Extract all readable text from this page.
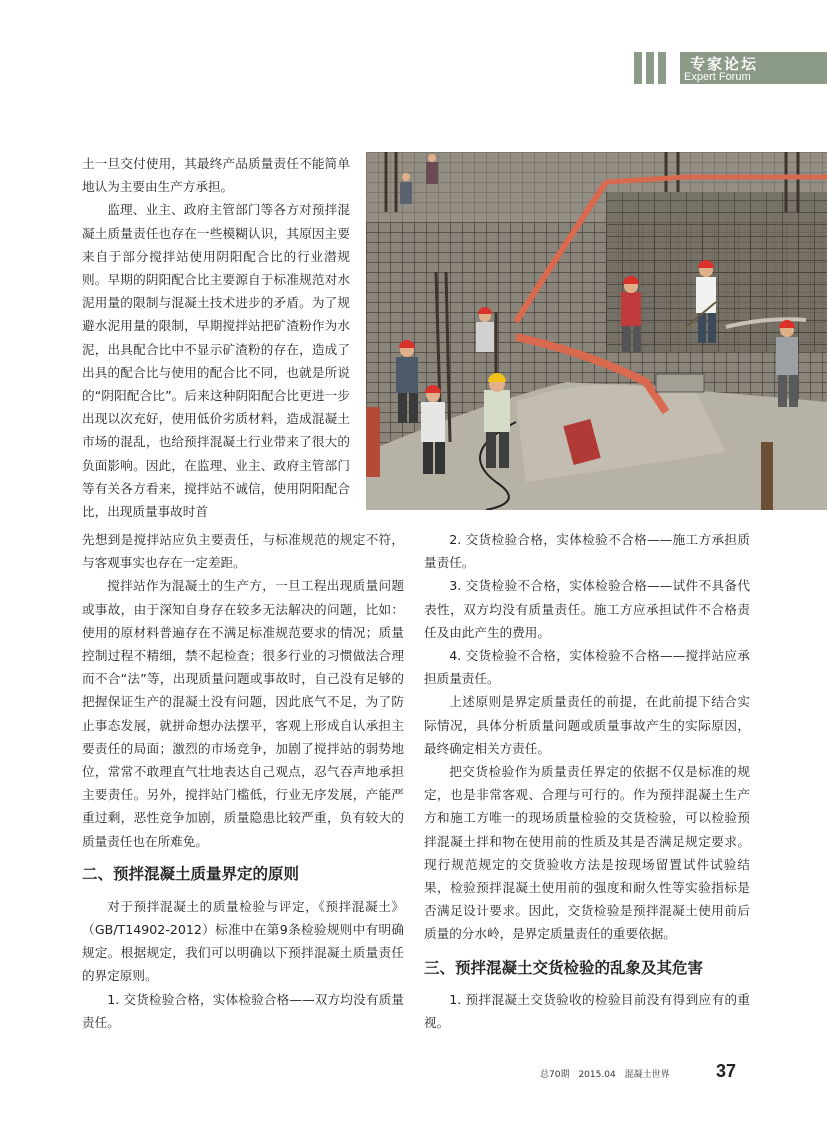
专家论坛
Expert Forum

土一旦交付使用，其最终产品质量责任不能简单地认为主要由生产方承担。

监理、业主、政府主管部门等各方对预拌混凝土质量责任也存在一些模糊认识，其原因主要来自于部分搅拌站使用阴阳配合比的行业潜规则。早期的阴阳配合比主要源自于标准规范对水泥用量的限制与混凝土技术进步的矛盾。为了规避水泥用量的限制，早期搅拌站把矿渣粉作为水泥，出具配合比中不显示矿渣粉的存在，造成了出具的配合比与使用的配合比不同，也就是所说的“阴阳配合比”。后来这种阴阳配合比更进一步出现以次充好，使用低价劣质材料，造成混凝土市场的混乱，也给预拌混凝土行业带来了很大的负面影响。因此，在监理、业主、政府主管部门等有关各方看来，搅拌站不诚信，使用阴阳配合比，出现质量事故时首

先想到是搅拌站应负主要责任，与标准规范的规定不符，与客观事实也存在一定差距。

搅拌站作为混凝土的生产方，一旦工程出现质量问题或事故，由于深知自身存在较多无法解决的问题，比如：使用的原材料普遍存在不满足标准规范要求的情况；质量控制过程不精细，禁不起检查；很多行业的习惯做法合理而不合“法”等，出现质量问题或事故时，自己没有足够的把握保证生产的混凝土没有问题，因此底气不足，为了防止事态发展，就拼命想办法摆平，客观上形成自认承担主要责任的局面；激烈的市场竞争，加剧了搅拌站的弱势地位，常常不敢理直气壮地表达自己观点，忍气吞声地承担主要责任。另外，搅拌站门槛低，行业无序发展，产能严重过剩，恶性竞争加剧，质量隐患比较严重，负有较大的质量责任也在所难免。

二、预拌混凝土质量界定的原则

对于预拌混凝土的质量检验与评定，《预拌混凝土》（GB/T14902-2012）标准中在第9条检验规则中有明确规定。根据规定，我们可以明确以下预拌混凝土质量责任的界定原则。

1. 交货检验合格，实体检验合格——双方均没有质量责任。

2. 交货检验合格，实体检验不合格——施工方承担质量责任。

3. 交货检验不合格，实体检验合格——试件不具备代表性，双方均没有质量责任。施工方应承担试件不合格责任及由此产生的费用。

4. 交货检验不合格，实体检验不合格——搅拌站应承担质量责任。

上述原则是界定质量责任的前提，在此前提下结合实际情况，具体分析质量问题或质量事故产生的实际原因，最终确定相关方责任。

把交货检验作为质量责任界定的依据不仅是标准的规定，也是非常客观、合理与可行的。作为预拌混凝土生产方和施工方唯一的现场质量检验的交货检验，可以检验预拌混凝土拌和物在使用前的性质及其是否满足规定要求。现行规范规定的交货验收方法是按现场留置试件试验结果，检验预拌混凝土使用前的强度和耐久性等实验指标是否满足设计要求。因此，交货检验是预拌混凝土使用前后质量的分水岭，是界定质量责任的重要依据。

三、预拌混凝土交货检验的乱象及其危害

1. 预拌混凝土交货验收的检验目前没有得到应有的重视。

总70期　2015.04　混凝土世界	37
